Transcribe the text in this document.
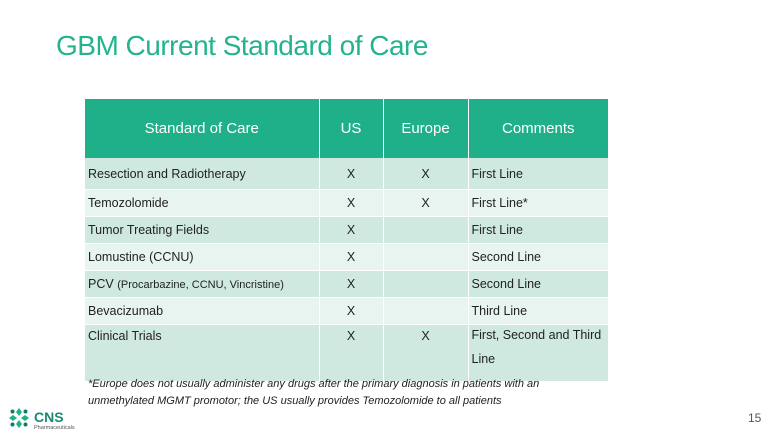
GBM Current Standard of Care
Standard of Care	US	Europe	Comments
Resection and Radiotherapy	X	X	First Line
Temozolomide	X	X	First Line*
Tumor Treating Fields	X		First Line
Lomustine (CCNU)	X		Second Line
PCV (Procarbazine, CCNU, Vincristine)	X		Second Line
Bevacizumab	X		Third Line
Clinical Trials	X	X	First, Second and Third Line
*Europe does not usually administer any drugs after the primary diagnosis in patients with an unmethylated MGMT promotor; the US usually provides Temozolomide to all patients
CNS
Pharmaceuticals
15
